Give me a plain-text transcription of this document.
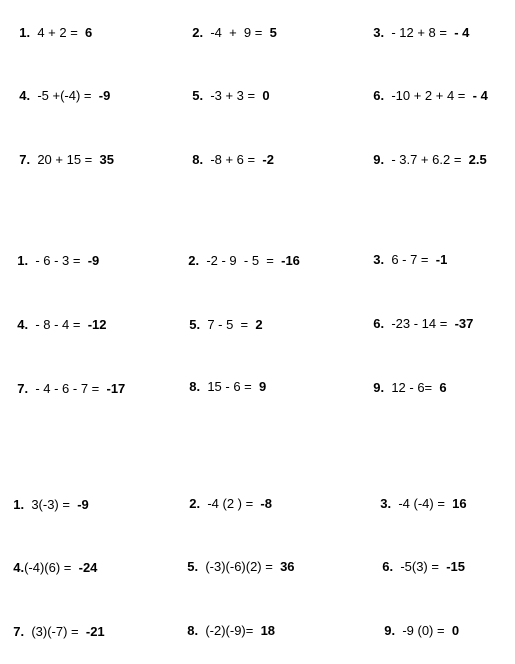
1. 4 + 2 = 6	2. -4  +  9 = 5	3. - 12 + 8 = - 4

4. -5 +(-4) = -9	5. -3 + 3 = 0	6. -10 + 2 + 4 = - 4

7. 20 + 15 = 35	8. -8 + 6 = -2	9. - 3.7 + 6.2 = 2.5

1. - 6 - 3 = -9	2. -2 - 9  - 5  = -16	3. 6 - 7 = -1

4. - 8 - 4 = -12	5. 7 - 5  = 2	6. -23 - 14 = -37

7. - 4 - 6 - 7 = -17	8. 15 - 6 = 9	9. 12 - 6= 6

1. 3(-3) = -9	2. -4 (2 ) = -8	3. -4 (-4) = 16

4.(-4)(6) = -24	5. (-3)(-6)(2) = 36	6. -5(3) = -15

7. (3)(-7) = -21	8. (-2)(-9)= 18	9. -9 (0) = 0
